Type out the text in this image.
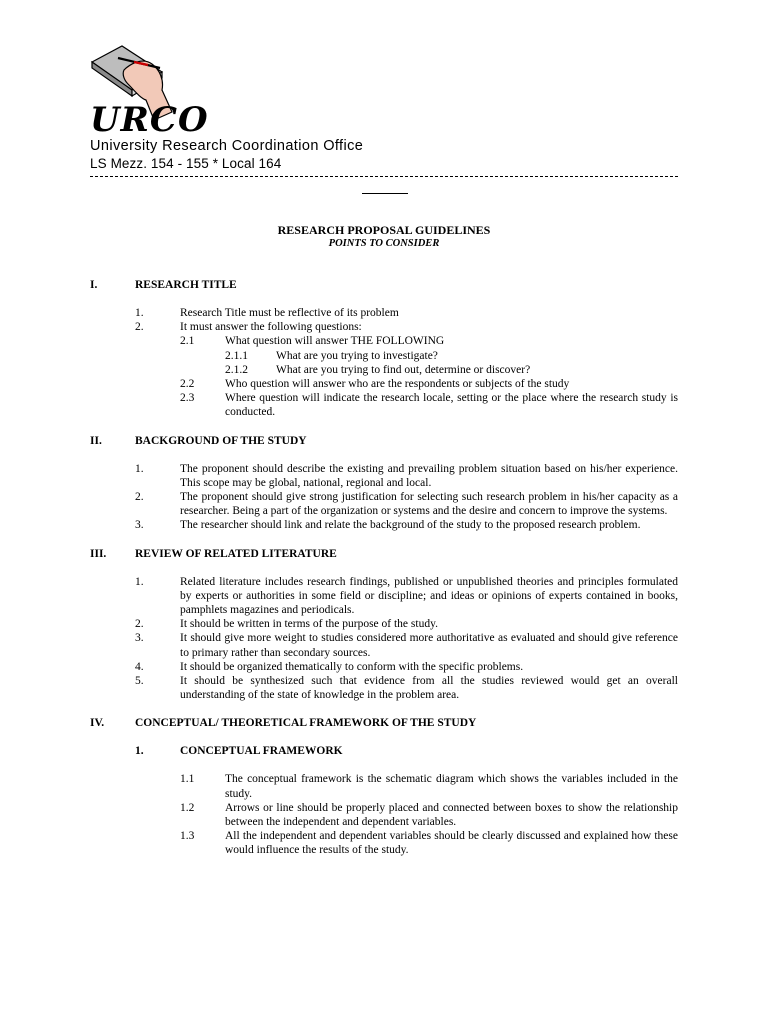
URCO
University Research Coordination Office
LS Mezz. 154 - 155 * Local 164
RESEARCH PROPOSAL GUIDELINES
POINTS TO CONSIDER
I.	RESEARCH TITLE
1.	Research Title must be reflective of its problem
2.	It must answer the following questions:
2.1	What question will answer THE FOLLOWING
2.1.1 What are you trying to investigate?
2.1.2 What are you trying to find out, determine or discover?
2.2	Who question will answer who are the respondents or subjects of the study
2.3	Where question will indicate the research locale, setting or the place where the research study is conducted.
II.	BACKGROUND OF THE STUDY
1.	The proponent should describe the existing and prevailing problem situation based on his/her experience. This scope may be global, national, regional and local.
2.	The proponent should give strong justification for selecting such research problem in his/her capacity as a researcher. Being a part of the organization or systems and the desire and concern to improve the systems.
3.	The researcher should link and relate the background of the study to the proposed research problem.
III. REVIEW OF RELATED LITERATURE
1.	Related literature includes research findings, published or unpublished theories and principles formulated by experts or authorities in some field or discipline; and ideas or opinions of experts contained in books, pamphlets magazines and periodicals.
2.	It should be written in terms of the purpose of the study.
3.	It should give more weight to studies considered more authoritative as evaluated and should give reference to primary rather than secondary sources.
4.	It should be organized thematically to conform with the specific problems.
5.	It should be synthesized such that evidence from all the studies reviewed would get an overall understanding of the state of knowledge in the problem area.
IV.	CONCEPTUAL/ THEORETICAL FRAMEWORK OF THE STUDY
1.	CONCEPTUAL FRAMEWORK
1.1	The conceptual framework is the schematic diagram which shows the variables included in the study.
1.2	Arrows or line should be properly placed and connected between boxes to show the relationship between the independent and dependent variables.
1.3	All the independent and dependent variables should be clearly discussed and explained how these would influence the results of the study.
